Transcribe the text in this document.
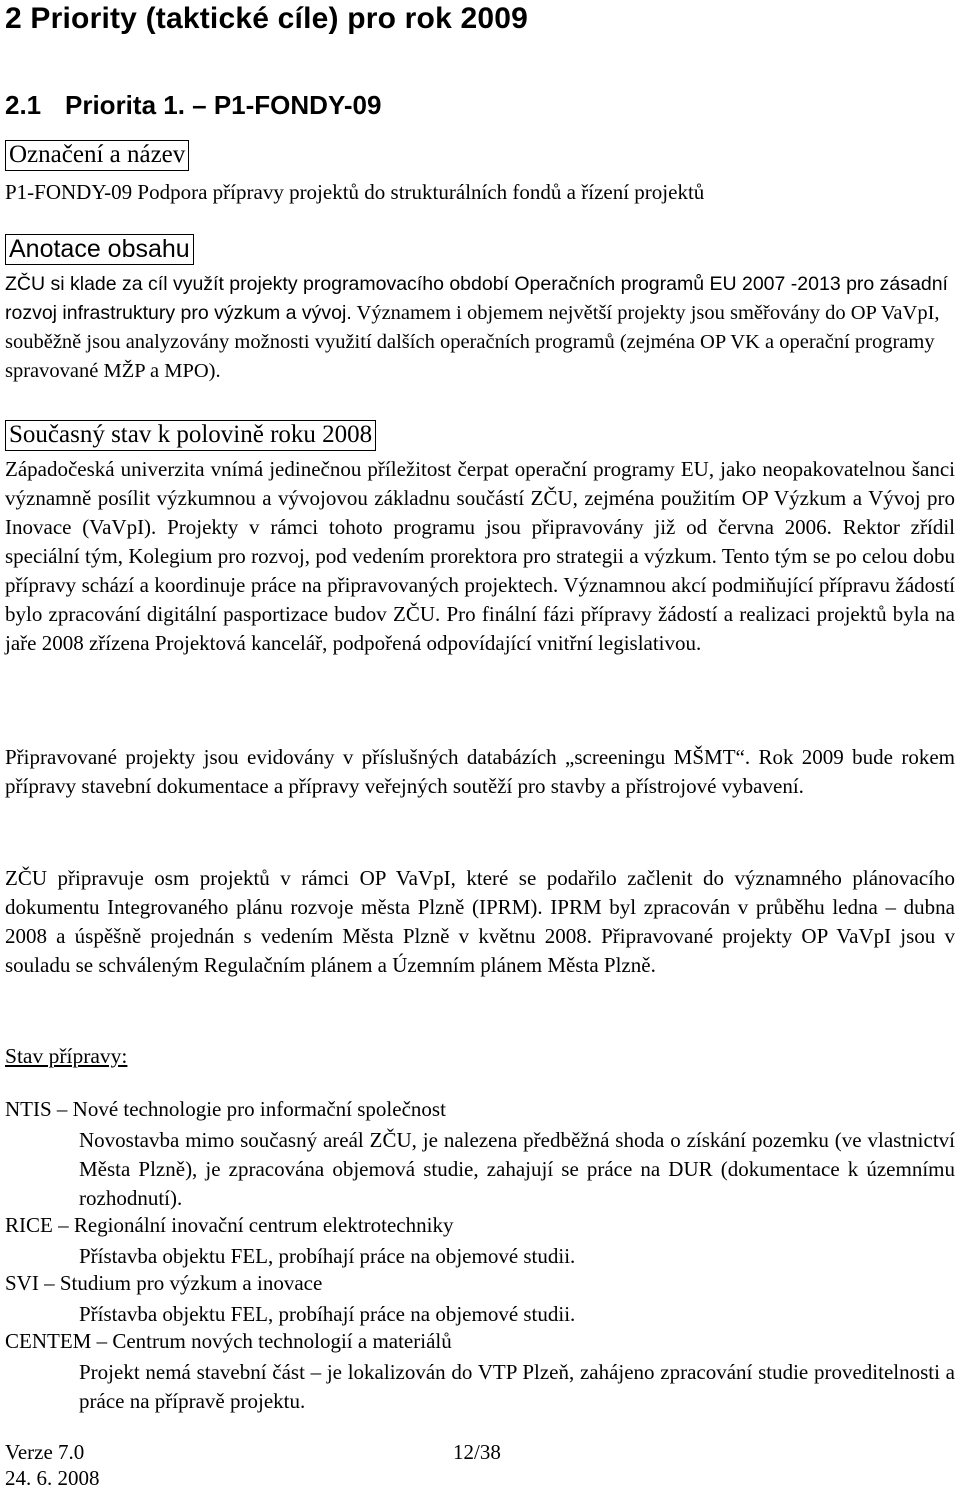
2 Priority (taktické cíle) pro rok 2009
2.1 Priorita 1. – P1-FONDY-09
Označení a název
P1-FONDY-09 Podpora přípravy projektů do strukturálních fondů a řízení projektů
Anotace obsahu
ZČU si klade za cíl využít projekty programovacího období Operačních programů EU 2007 -2013 pro zásadní rozvoj infrastruktury pro výzkum a vývoj. Významem i objemem největší projekty jsou směřovány do OP VaVpI, souběžně jsou analyzovány možnosti využití dalších operačních programů (zejména OP VK a operační programy spravované MŽP a MPO).
Současný stav k polovině roku 2008
Západočeská univerzita vnímá jedinečnou příležitost čerpat operační programy EU, jako neopakovatelnou šanci významně posílit výzkumnou a vývojovou základnu součástí ZČU, zejména použitím OP Výzkum a Vývoj pro Inovace (VaVpI). Projekty v rámci tohoto programu jsou připravovány již od června 2006. Rektor zřídil speciální tým, Kolegium pro rozvoj, pod vedením prorektora pro strategii a výzkum. Tento tým se po celou dobu přípravy schází a koordinuje práce na připravovaných projektech. Významnou akcí podmiňující přípravu žádostí bylo zpracování digitální pasportizace budov ZČU. Pro finální fázi přípravy žádostí a realizaci projektů byla na jaře 2008 zřízena Projektová kancelář, podpořená odpovídající vnitřní legislativou.
Připravované projekty jsou evidovány v příslušných databázích „screeningu MŠMT“. Rok 2009 bude rokem přípravy stavební dokumentace a přípravy veřejných soutěží pro stavby a přístrojové vybavení.
ZČU připravuje osm projektů v rámci OP VaVpI, které se podařilo začlenit do významného plánovacího dokumentu Integrovaného plánu rozvoje města Plzně (IPRM). IPRM byl zpracován v průběhu ledna – dubna 2008 a úspěšně projednán s vedením Města Plzně v květnu 2008. Připravované projekty OP VaVpI jsou v souladu se schváleným Regulačním plánem a Územním plánem Města Plzně.
Stav přípravy:
NTIS – Nové technologie pro informační společnost
Novostavba mimo současný areál ZČU, je nalezena předběžná shoda o získání pozemku (ve vlastnictví Města Plzně), je zpracována objemová studie, zahajují se práce na DUR (dokumentace k územnímu rozhodnutí).
RICE – Regionální inovační centrum elektrotechniky
Přístavba objektu FEL, probíhají práce na objemové studii.
SVI – Studium pro výzkum a inovace
Přístavba objektu FEL, probíhají práce na objemové studii.
CENTEM – Centrum nových technologií a materiálů
Projekt nemá stavební část – je lokalizován do VTP Plzeň, zahájeno zpracování studie proveditelnosti a práce na přípravě projektu.
Verze 7.0	12/38
24. 6. 2008
